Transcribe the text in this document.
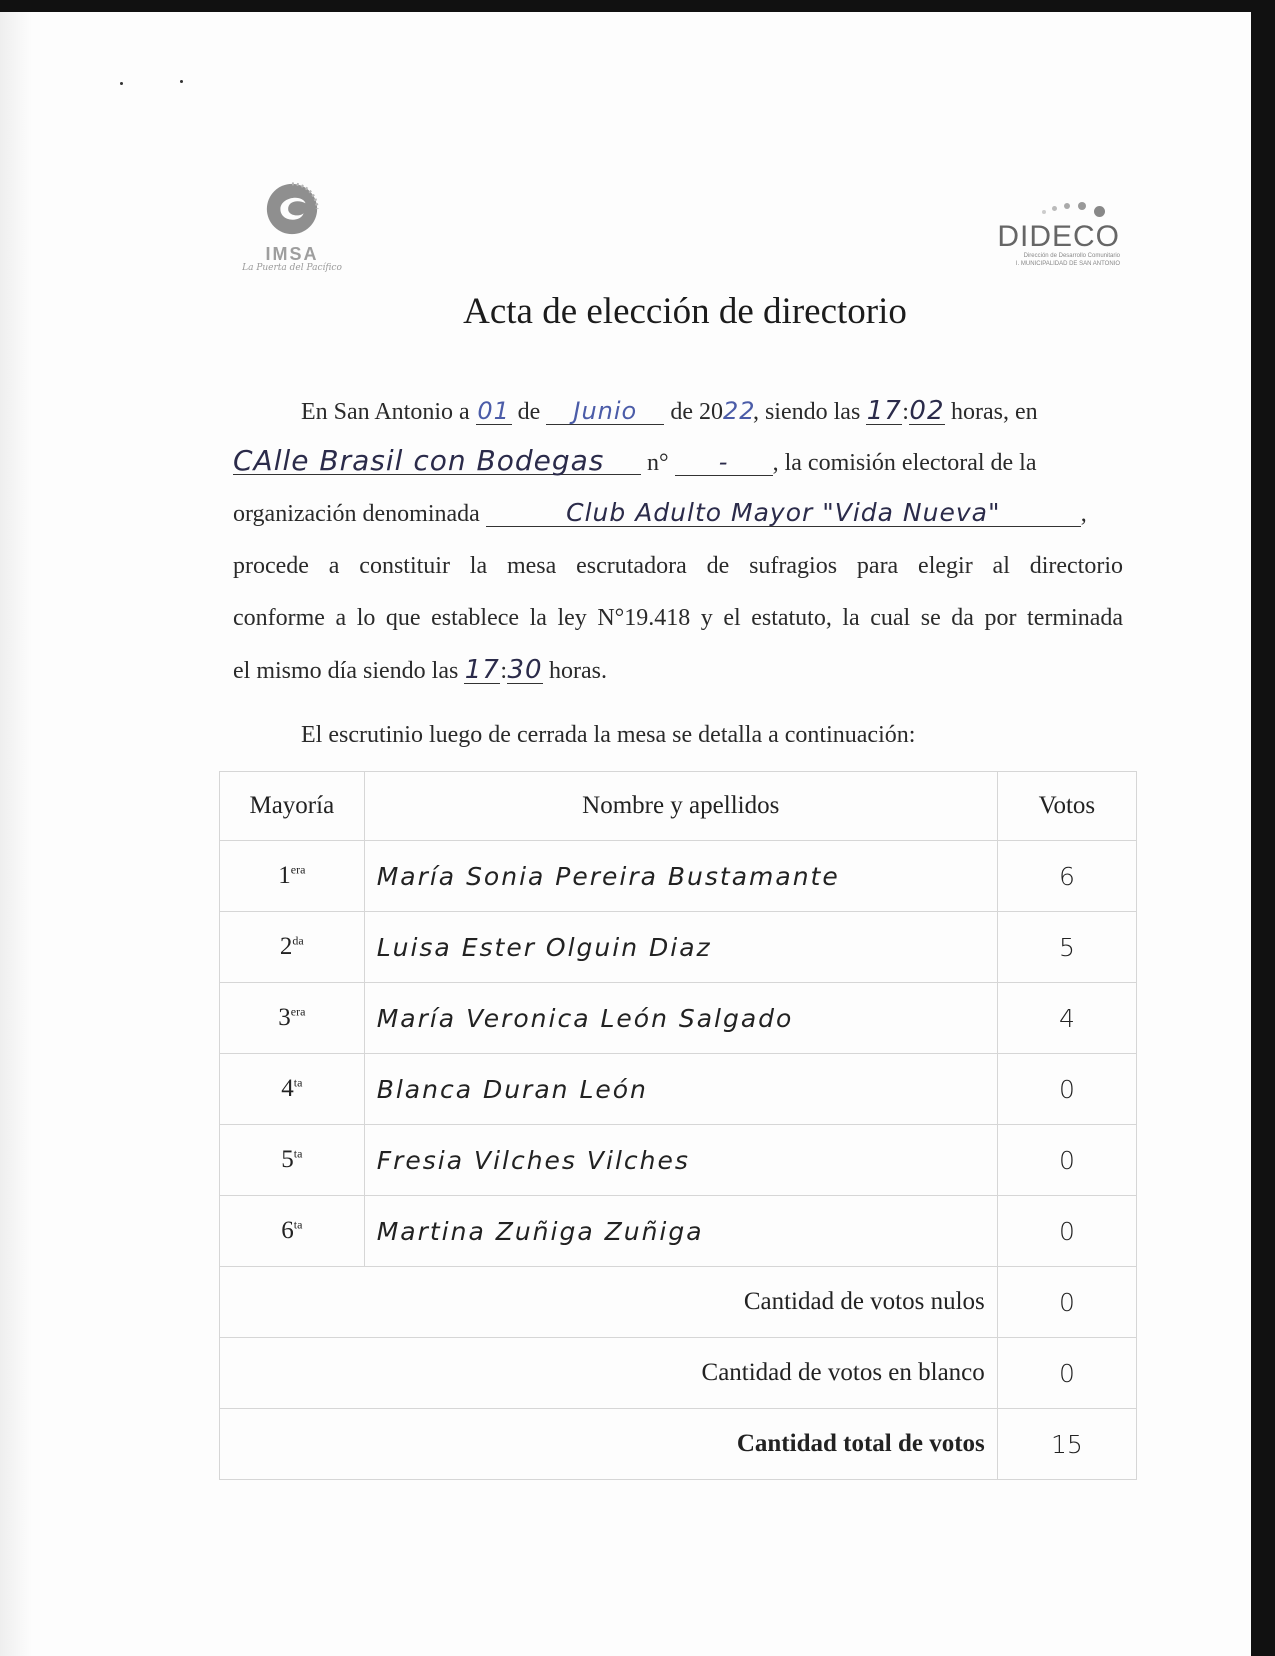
IMSA
La Puerta del Pacífico
DIDECO
Dirección de Desarrollo Comunitario
I. MUNICIPALIDAD DE SAN ANTONIO
Acta de elección de directorio
En San Antonio a 01 de Junio de 2022, siendo las 17:02 horas, en
CAlle Brasil con Bodegas n° - , la comisión electoral de la
organización denominada	Club Adulto Mayor "Vida Nueva"	,
procede a constituir la mesa escrutadora de sufragios para elegir al directorio
conforme a lo que establece la ley N°19.418 y el estatuto, la cual se da por terminada
el mismo día siendo las 17:30 horas.
El escrutinio luego de cerrada la mesa se detalla a continuación:
Mayoría	Nombre y apellidos	Votos
$1^{era}$	María Sonia Pereira Bustamante	6
$2^{da}$	Luisa Ester Olguin Diaz	5
$3^{era}$	María Veronica León Salgado	4
$4^{ta}$	Blanca Duran León	0
$5^{ta}$	Fresia Vilches Vilches	0
$6^{ta}$	Martina Zuñiga Zuñiga	0
Cantidad de votos nulos		0
Cantidad de votos en blanco		0
Cantidad total de votos		15
